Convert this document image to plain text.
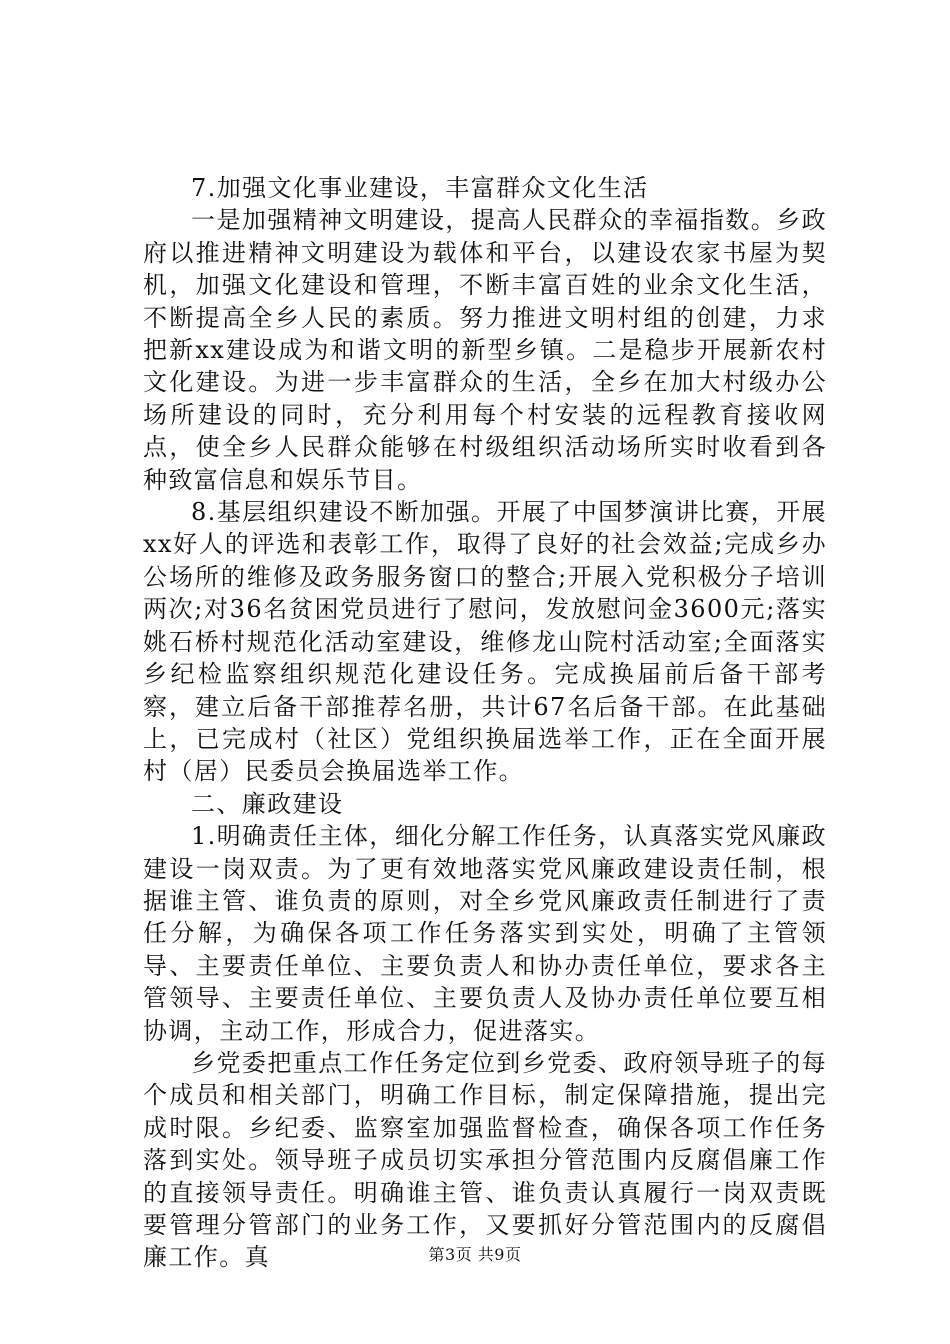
7.加强文化事业建设，丰富群众文化生活

一是加强精神文明建设，提高人民群众的幸福指数。乡政府以推进精神文明建设为载体和平台，以建设农家书屋为契机，加强文化建设和管理，不断丰富百姓的业余文化生活，不断提高全乡人民的素质。努力推进文明村组的创建，力求把新xx建设成为和谐文明的新型乡镇。二是稳步开展新农村文化建设。为进一步丰富群众的生活，全乡在加大村级办公场所建设的同时，充分利用每个村安装的远程教育接收网点，使全乡人民群众能够在村级组织活动场所实时收看到各种致富信息和娱乐节目。

8.基层组织建设不断加强。开展了中国梦演讲比赛，开展xx好人的评选和表彰工作，取得了良好的社会效益;完成乡办公场所的维修及政务服务窗口的整合;开展入党积极分子培训两次;对36名贫困党员进行了慰问，发放慰问金3600元;落实姚石桥村规范化活动室建设，维修龙山院村活动室;全面落实乡纪检监察组织规范化建设任务。完成换届前后备干部考察，建立后备干部推荐名册，共计67名后备干部。在此基础上，已完成村（社区）党组织换届选举工作，正在全面开展村（居）民委员会换届选举工作。

二、廉政建设

1.明确责任主体，细化分解工作任务，认真落实党风廉政建设一岗双责。为了更有效地落实党风廉政建设责任制，根据谁主管、谁负责的原则，对全乡党风廉政责任制进行了责任分解，为确保各项工作任务落实到实处，明确了主管领导、主要责任单位、主要负责人和协办责任单位，要求各主管领导、主要责任单位、主要负责人及协办责任单位要互相协调，主动工作，形成合力，促进落实。

乡党委把重点工作任务定位到乡党委、政府领导班子的每个成员和相关部门，明确工作目标，制定保障措施，提出完成时限。乡纪委、监察室加强监督检查，确保各项工作任务落到实处。领导班子成员切实承担分管范围内反腐倡廉工作的直接领导责任。明确谁主管、谁负责认真履行一岗双责既要管理分管部门的业务工作，又要抓好分管范围内的反腐倡廉工作。真	第3页 共9页
